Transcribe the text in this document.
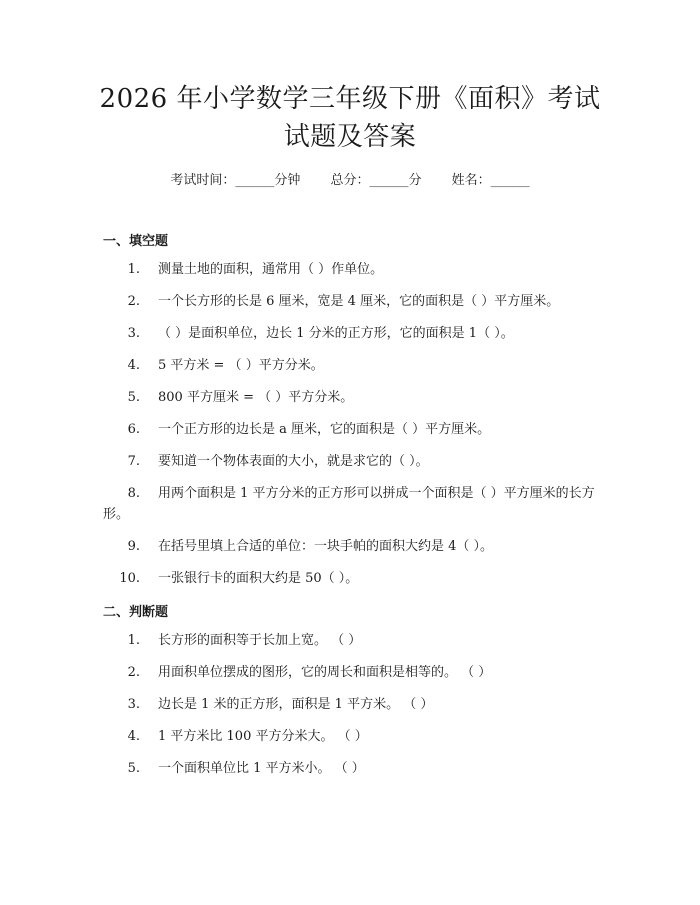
2026 年小学数学三年级下册《面积》考试试题及答案
考试时间：______分钟 总分：______分 姓名：______
一、填空题
1. 测量土地的面积，通常用（ ）作单位。
2. 一个长方形的长是 6 厘米，宽是 4 厘米，它的面积是（ ）平方厘米。
3. （ ）是面积单位，边长 1 分米的正方形，它的面积是 1（ ）。
4. 5 平方米 = （ ）平方分米。
5. 800 平方厘米 = （ ）平方分米。
6. 一个正方形的边长是 a 厘米，它的面积是（ ）平方厘米。
7. 要知道一个物体表面的大小，就是求它的（ ）。
8. 用两个面积是 1 平方分米的正方形可以拼成一个面积是（ ）平方厘米的长方形。
9. 在括号里填上合适的单位：一块手帕的面积大约是 4（ ）。
10. 一张银行卡的面积大约是 50（ ）。
二、判断题
1. 长方形的面积等于长加上宽。 （ ）
2. 用面积单位摆成的图形，它的周长和面积是相等的。 （ ）
3. 边长是 1 米的正方形，面积是 1 平方米。 （ ）
4. 1 平方米比 100 平方分米大。 （ ）
5. 一个面积单位比 1 平方米小。 （ ）
